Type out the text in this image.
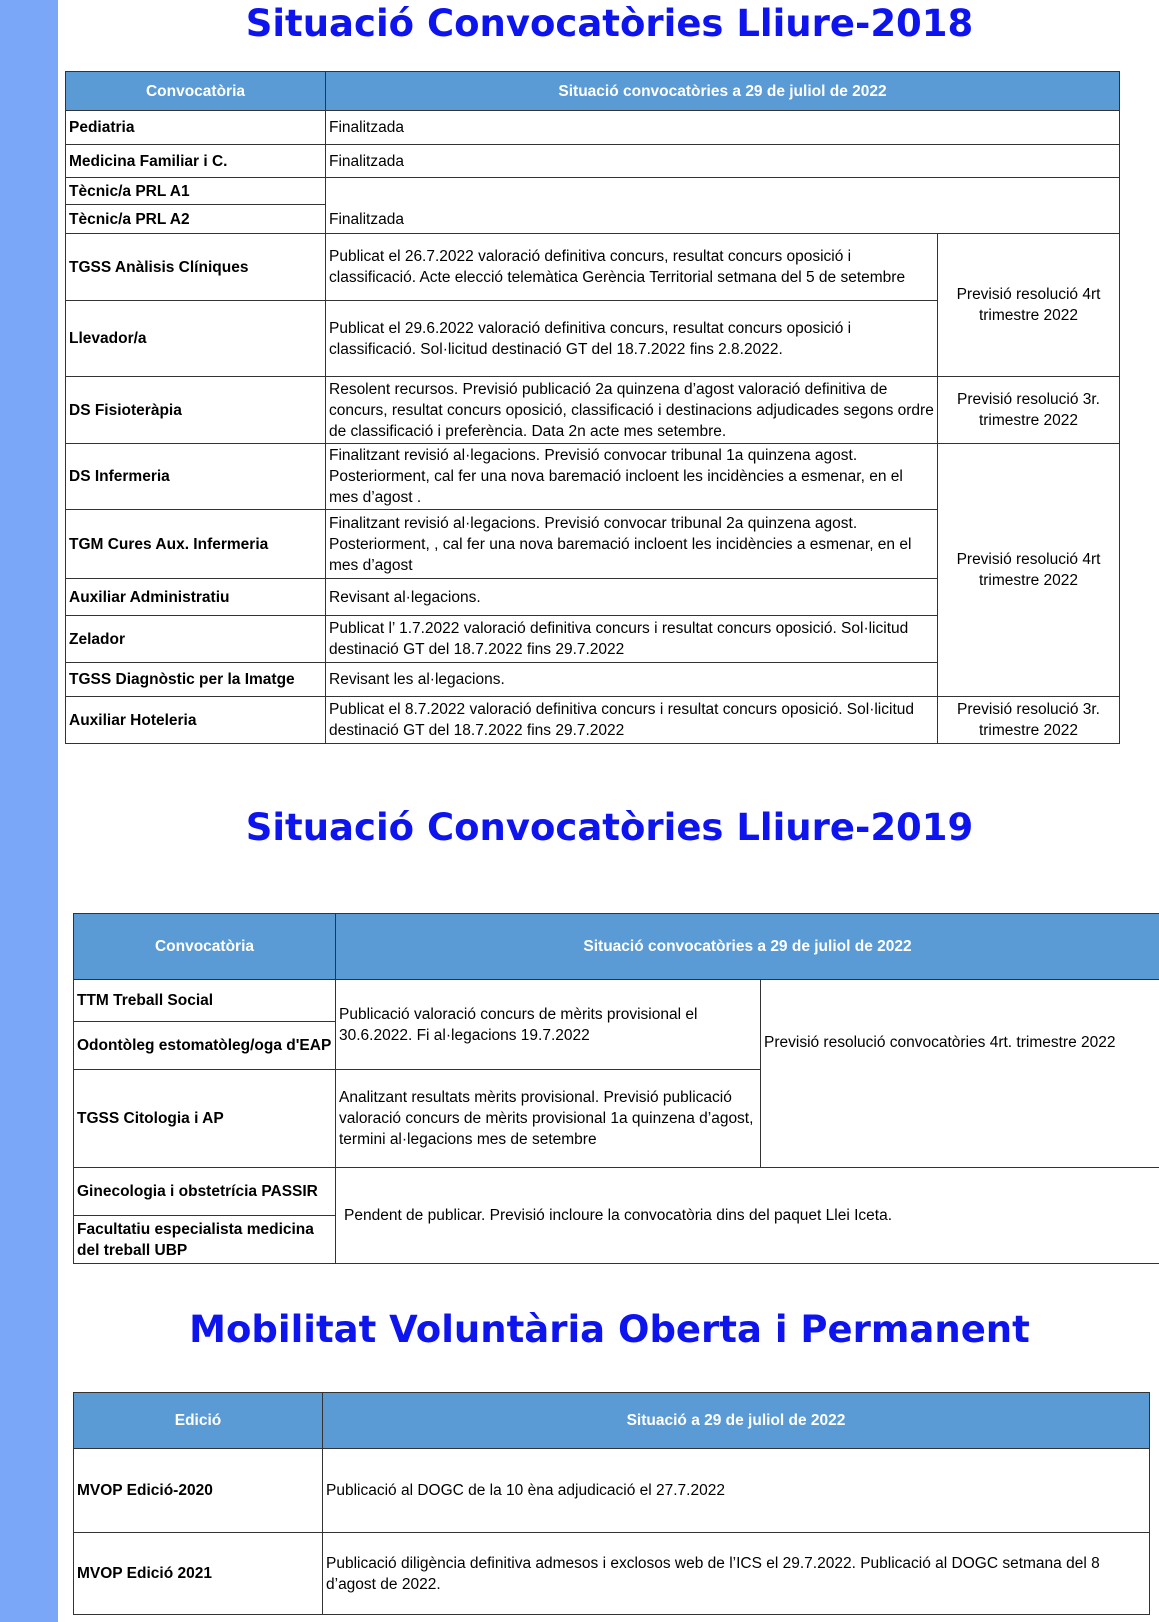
Situació Convocatòries Lliure-2018
Convocatòria	Situació convocatòries a 29 de juliol de 2022	
Pediatria	Finalitzada	
Medicina Familiar i C.	Finalitzada	
Tècnic/a PRL A1	Finalitzada	
Tècnic/a PRL A2		
TGSS Anàlisis Clíniques	Publicat el 26.7.2022 valoració definitiva concurs, resultat concurs oposició i classificació. Acte elecció telemàtica Gerència Territorial setmana del 5 de setembre	Previsió resolució 4rt trimestre 2022
Llevador/a	Publicat el 29.6.2022 valoració definitiva concurs, resultat concurs oposició i classificació. Sol·licitud destinació GT del 18.7.2022 fins 2.8.2022.	
DS Fisioteràpia	Resolent recursos. Previsió publicació 2a quinzena d’agost valoració definitiva de concurs, resultat concurs oposició, classificació i destinacions adjudicades segons ordre de classificació i preferència. Data 2n acte mes setembre.	Previsió resolució 3r. trimestre 2022
DS Infermeria	Finalitzant revisió al·legacions. Previsió convocar tribunal 1a quinzena agost. Posteriorment, cal fer una nova baremació incloent les incidències a esmenar, en el mes d’agost .	Previsió resolució 4rt trimestre 2022
TGM Cures Aux. Infermeria	Finalitzant revisió al·legacions. Previsió convocar tribunal 2a quinzena agost. Posteriorment, , cal fer una nova baremació incloent les incidències a esmenar, en el mes d’agost	
Auxiliar Administratiu	Revisant al·legacions.	
Zelador	Publicat l’ 1.7.2022 valoració definitiva concurs i resultat concurs oposició. Sol·licitud destinació GT del 18.7.2022 fins 29.7.2022	
TGSS Diagnòstic per la Imatge	Revisant les al·legacions.	
Auxiliar Hoteleria	Publicat el 8.7.2022 valoració definitiva concurs i resultat concurs oposició. Sol·licitud destinació GT del 18.7.2022 fins 29.7.2022	Previsió resolució 3r. trimestre 2022
Situació Convocatòries Lliure-2019
Convocatòria	Situació convocatòries a 29 de juliol de 2022	
TTM Treball Social	Publicació valoració concurs de mèrits provisional el 30.6.2022. Fi al·legacions 19.7.2022	Previsió resolució convocatòries 4rt. trimestre 2022
Odontòleg estomatòleg/oga d'EAP		
TGSS Citologia i AP	Analitzant resultats mèrits provisional. Previsió publicació valoració concurs de mèrits provisional 1a quinzena d’agost, termini al·legacions mes de setembre	
Ginecologia i obstetrícia PASSIR	Pendent de publicar. Previsió incloure la convocatòria dins del paquet Llei Iceta.	
Facultatiu especialista medicina del treball UBP		
Mobilitat Voluntària Oberta i Permanent
Edició	Situació a 29 de juliol de 2022
MVOP Edició-2020	Publicació al DOGC de la 10 èna adjudicació el 27.7.2022
MVOP Edició 2021	Publicació diligència definitiva admesos i exclosos web de l’ICS el 29.7.2022. Publicació al DOGC setmana del 8 d’agost de 2022.
